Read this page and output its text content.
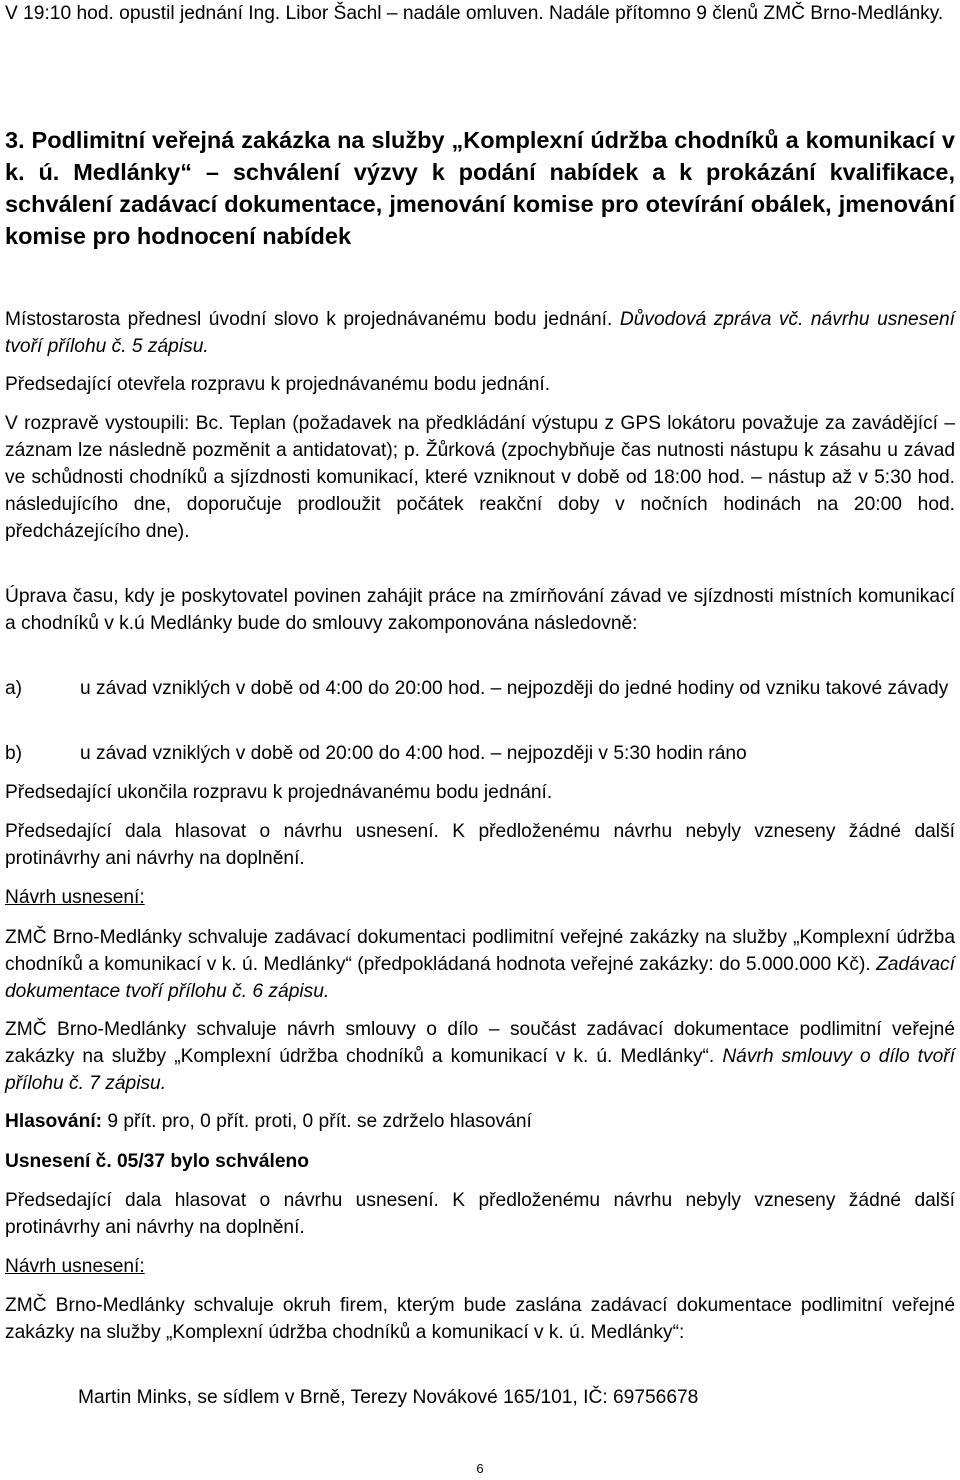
V 19:10 hod. opustil jednání Ing. Libor Šachl – nadále omluven. Nadále přítomno 9 členů ZMČ Brno-Medlánky.

3. Podlimitní veřejná zakázka na služby „Komplexní údržba chodníků a komunikací v k. ú. Medlánky“ – schválení výzvy k podání nabídek a k prokázání kvalifikace, schválení zadávací dokumentace, jmenování komise pro otevírání obálek, jmenování komise pro hodnocení nabídek

Místostarosta přednesl úvodní slovo k projednávanému bodu jednání. Důvodová zpráva vč. návrhu usnesení tvoří přílohu č. 5 zápisu.

Předsedající otevřela rozpravu k projednávanému bodu jednání.

V rozpravě vystoupili: Bc. Teplan (požadavek na předkládání výstupu z GPS lokátoru považuje za zavádějící – záznam lze následně pozměnit a antidatovat); p. Žůrková (zpochybňuje čas nutnosti nástupu k zásahu u závad ve schůdnosti chodníků a sjízdnosti komunikací, které vzniknout v době od 18:00 hod. – nástup až v 5:30 hod. následujícího dne, doporučuje prodloužit počátek reakční doby v nočních hodinách na 20:00 hod. předcházejícího dne).

Úprava času, kdy je poskytovatel povinen zahájit práce na zmírňování závad ve sjízdnosti místních komunikací a chodníků v k.ú Medlánky bude do smlouvy zakomponována následovně:

a)	u závad vzniklých v době od 4:00 do 20:00 hod. – nejpozději do jedné hodiny od vzniku takové závady
b)	u závad vzniklých v době od 20:00 do 4:00 hod. – nejpozději v 5:30 hodin ráno

Předsedající ukončila rozpravu k projednávanému bodu jednání.

Předsedající dala hlasovat o návrhu usnesení. K předloženému návrhu nebyly vzneseny žádné další protinávrhy ani návrhy na doplnění.

Návrh usnesení:

ZMČ Brno-Medlánky schvaluje zadávací dokumentaci podlimitní veřejné zakázky na služby „Komplexní údržba chodníků a komunikací v k. ú. Medlánky“ (předpokládaná hodnota veřejné zakázky: do 5.000.000 Kč). Zadávací dokumentace tvoří přílohu č. 6 zápisu.

ZMČ Brno-Medlánky schvaluje návrh smlouvy o dílo – součást zadávací dokumentace podlimitní veřejné zakázky na služby „Komplexní údržba chodníků a komunikací v k. ú. Medlánky“. Návrh smlouvy o dílo tvoří přílohu č. 7 zápisu.

Hlasování: 9 přít. pro, 0 přít. proti, 0 přít. se zdrželo hlasování

Usnesení č. 05/37 bylo schváleno

Předsedající dala hlasovat o návrhu usnesení. K předloženému návrhu nebyly vzneseny žádné další protinávrhy ani návrhy na doplnění.

Návrh usnesení:

ZMČ Brno-Medlánky schvaluje okruh firem, kterým bude zaslána zadávací dokumentace podlimitní veřejné zakázky na služby „Komplexní údržba chodníků a komunikací v k. ú. Medlánky“:

Martin Minks, se sídlem v Brně, Terezy Novákové 165/101, IČ: 69756678

6
